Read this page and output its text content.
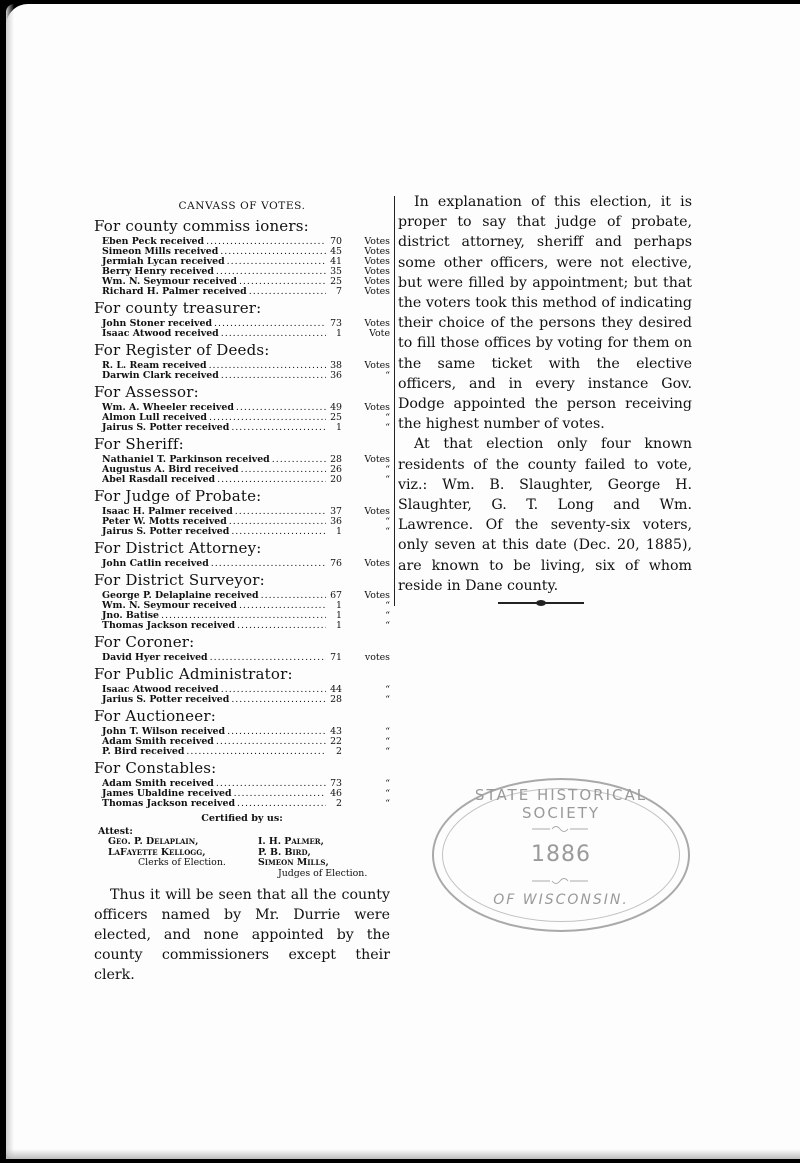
CANVASS OF VOTES.
For county commiss ioners:
Eben Peck received .....	70	Votes
Simeon Mills received .....	45	Votes
Jermiah Lycan received .....	41	Votes
Berry Henry received .....	35	Votes
Wm. N. Seymour received .....	25	Votes
Richard H. Palmer received .....	7	Votes
For county treasurer:
John Stoner received .....	73	Votes
Isaac Atwood received .....	1	Vote
For Register of Deeds:
R. L. Ream received .....	38	Votes
Darwin Clark received .....	36	“
For Assessor:
Wm. A. Wheeler received .....	49	Votes
Almon Lull received .....	25	“
Jairus S. Potter received .....	1	“
For Sheriff:
Nathaniel T. Parkinson received .....	28	Votes
Augustus A. Bird received .....	26	“
Abel Rasdall received .....	20	“
For Judge of Probate:
Isaac H. Palmer received .....	37	Votes
Peter W. Motts received .....	36	“
Jairus S. Potter received .....	1	“
For District Attorney:
John Catlin received .....	76	Votes
For District Surveyor:
George P. Delaplaine received .....	67	Votes
Wm. N. Seymour received .....	1	“
Jno. Batise .....	1	“
Thomas Jackson received .....	1	“
For Coroner:
David Hyer received .....	71	votes
For Public Administrator:
Isaac Atwood received .....	44	“
Jarius S. Potter received .....	28	“
For Auctioneer:
John T. Wilson received .....	43	“
Adam Smith received .....	22	“
P. Bird received .....	2	“
For Constables:
Adam Smith received .....	73	“
James Ubaldine received .....	46	“
Thomas Jackson received .....	2	“
Certified by us:
Attest:
Geo. P. Delaplain,
LaFayette Kellogg,
Clerks of Election.
I. H. Palmer,
P. B. Bird,
Simeon Mills,
Judges of Election.

Thus it will be seen that all the county officers named by Mr. Durrie were elected, and none appointed by the county commissioners except their clerk.

In explanation of this election, it is proper to say that judge of probate, district attorney, sheriff and perhaps some other officers, were not elective, but were filled by appointment; but that the voters took this method of indicating their choice of the persons they desired to fill those offices by voting for them on the same ticket with the elective officers, and in every instance Gov. Dodge appointed the person receiving the highest number of votes.

At that election only four known residents of the county failed to vote, viz.: Wm. B. Slaughter, George H. Slaughter, G. T. Long and Wm. Lawrence. Of the seventy-six voters, only seven at this date (Dec. 20, 1885), are known to be living, six of whom reside in Dane county.

STATE HISTORICAL SOCIETY
1886
OF WISCONSIN.
